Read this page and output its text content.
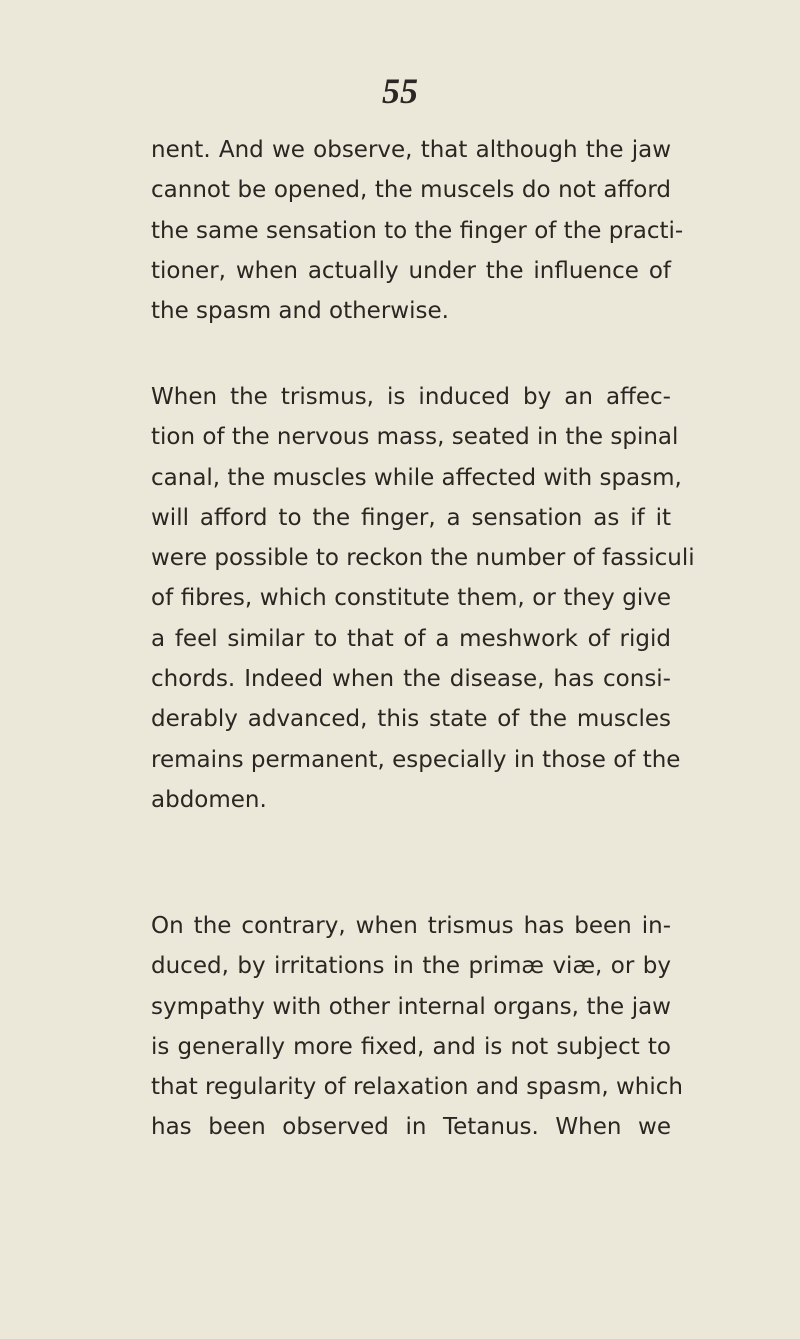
55
nent. And we observe, that although the jaw
cannot be opened, the muscels do not afford
the same sensation to the finger of the practi-
tioner, when actually under the influence of
the spasm and otherwise.
When the trismus, is induced by an affec-
tion of the nervous mass, seated in the spinal
canal, the muscles while affected with spasm,
will afford to the finger, a sensation as if it
were possible to reckon the number of fassiculi
of fibres, which constitute them, or they give
a feel similar to that of a meshwork of rigid
chords. Indeed when the disease, has consi-
derably advanced, this state of the muscles
remains permanent, especially in those of the
abdomen.
On the contrary, when trismus has been in-
duced, by irritations in the primæ viæ, or by
sympathy with other internal organs, the jaw
is generally more fixed, and is not subject to
that regularity of relaxation and spasm, which
has been observed in Tetanus. When we
